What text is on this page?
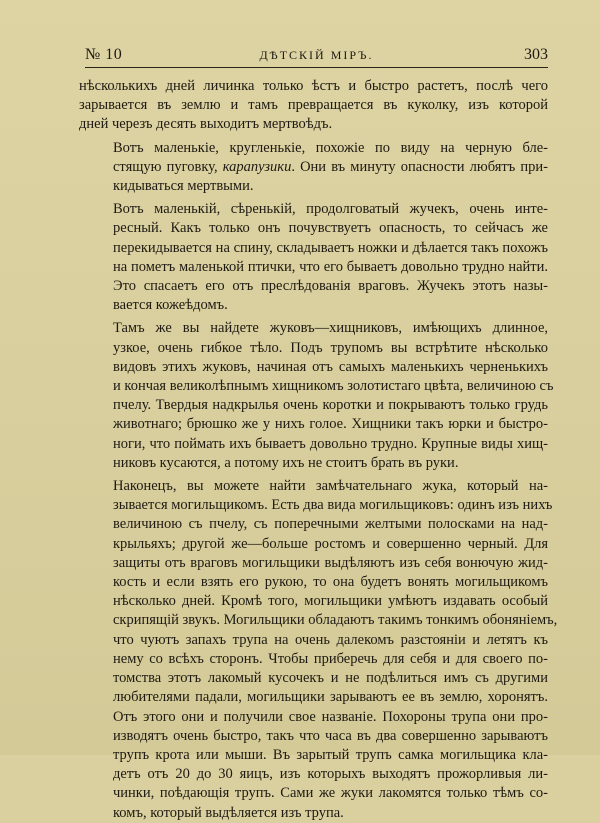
№ 10	ДѢТСКІЙ МІРЪ.	303
нѣсколькихъ дней личинка только ѣстъ и быстро растетъ, послѣ чего
зарывается въ землю и тамъ превращается въ куколку, изъ которой
дней черезъ десять выходитъ мертвоѣдъ.
Вотъ маленькіе, кругленькіе, похожіе по виду на черную бле-
стящую пуговку, карапузики. Они въ минуту опасности любятъ при-
кидываться мертвыми.
Вотъ маленькій, сѣренькій, продолговатый жучекъ, очень инте-
ресный. Какъ только онъ почувствуетъ опасность, то сейчасъ же
перекидывается на спину, складываетъ ножки и дѣлается такъ похожъ
на пометъ маленькой птички, что его бываетъ довольно трудно найти.
Это спасаетъ его отъ преслѣдованія враговъ. Жучекъ этотъ назы-
вается кожеѣдомъ.
Тамъ же вы найдете жуковъ—хищниковъ, имѣющихъ длинное,
узкое, очень гибкое тѣло. Подъ трупомъ вы встрѣтите нѣсколько
видовъ этихъ жуковъ, начиная отъ самыхъ маленькихъ черненькихъ
и кончая великолѣпнымъ хищникомъ золотистаго цвѣта, величиною съ
пчелу. Твердыя надкрылья очень коротки и покрываютъ только грудь
животнаго; брюшко же у нихъ голое. Хищники такъ юрки и быстро-
ноги, что поймать ихъ бываетъ довольно трудно. Крупные виды хищ-
никовъ кусаются, а потому ихъ не стоитъ брать въ руки.
Наконецъ, вы можете найти замѣчательнаго жука, который на-
зывается могильщикомъ. Есть два вида могильщиковъ: одинъ изъ нихъ
величиною съ пчелу, съ поперечными желтыми полосками на над-
крыльяхъ; другой же—больше ростомъ и совершенно черный. Для
защиты отъ враговъ могильщики выдѣляютъ изъ себя вонючую жид-
кость и если взять его рукою, то она будетъ вонять могильщикомъ
нѣсколько дней. Кромѣ того, могильщики умѣютъ издавать особый
скрипящій звукъ. Могильщики обладаютъ такимъ тонкимъ обоняніемъ,
что чуютъ запахъ трупа на очень далекомъ разстояніи и летятъ къ
нему со всѣхъ сторонъ. Чтобы приберечь для себя и для своего по-
томства этотъ лакомый кусочекъ и не подѣлиться имъ съ другими
любителями падали, могильщики зарываютъ ее въ землю, хоронятъ.
Отъ этого они и получили свое названіе. Похороны трупа они про-
изводятъ очень быстро, такъ что часа въ два совершенно зарываютъ
трупъ крота или мыши. Въ зарытый трупъ самка могильщика кла-
детъ отъ 20 до 30 яицъ, изъ которыхъ выходятъ прожорливыя ли-
чинки, поѣдающія трупъ. Сами же жуки лакомятся только тѣмъ со-
комъ, который выдѣляется изъ трупа.
